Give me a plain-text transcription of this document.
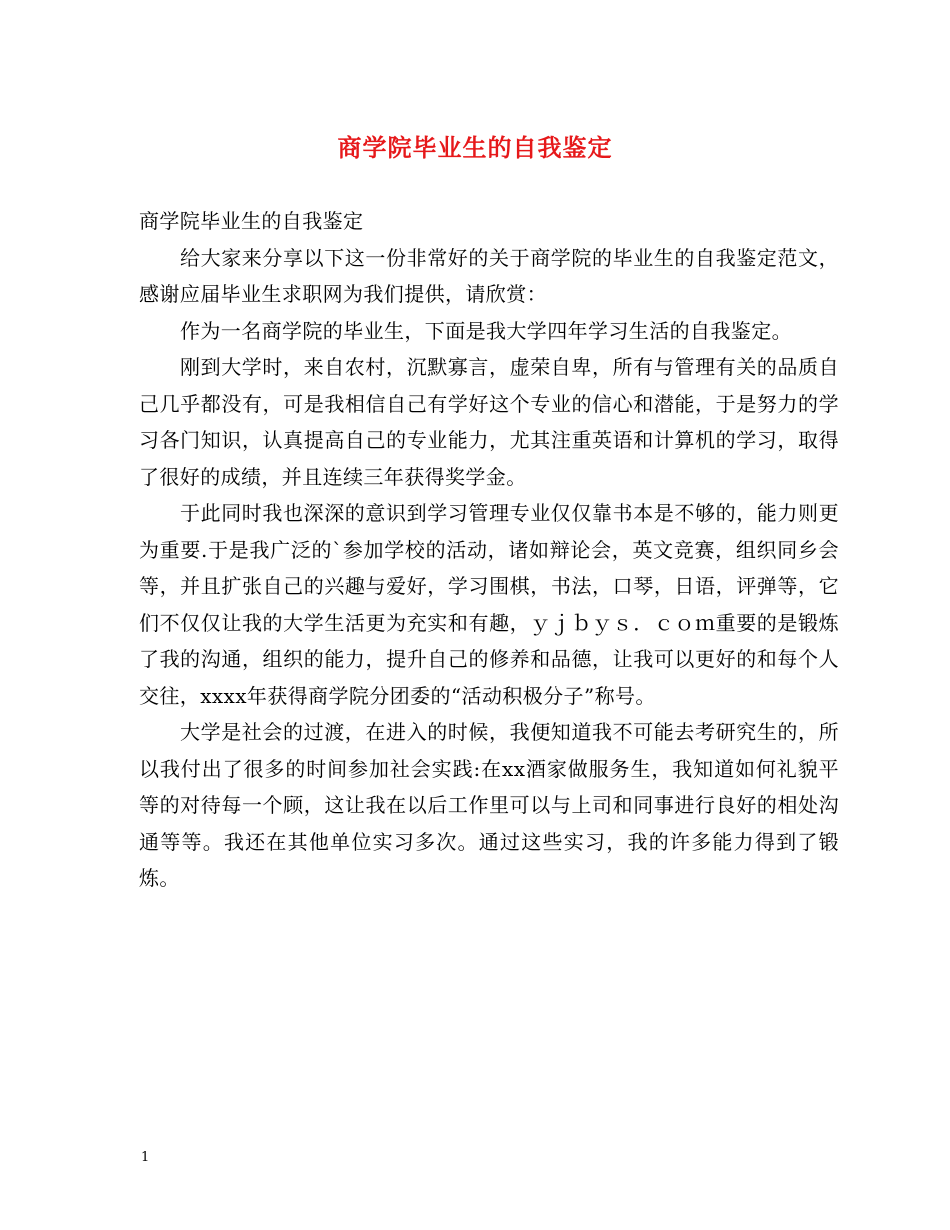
商学院毕业生的自我鉴定

商学院毕业生的自我鉴定

给大家来分享以下这一份非常好的关于商学院的毕业生的自我鉴定范文，感谢应届毕业生求职网为我们提供，请欣赏：

作为一名商学院的毕业生，下面是我大学四年学习生活的自我鉴定。

刚到大学时，来自农村，沉默寡言，虚荣自卑，所有与管理有关的品质自己几乎都没有，可是我相信自己有学好这个专业的信心和潜能，于是努力的学习各门知识，认真提高自己的专业能力，尤其注重英语和计算机的学习，取得了很好的成绩，并且连续三年获得奖学金。

于此同时我也深深的意识到学习管理专业仅仅靠书本是不够的，能力则更为重要.于是我广泛的`参加学校的活动，诸如辩论会，英文竞赛，组织同乡会等，并且扩张自己的兴趣与爱好，学习围棋，书法，口琴，日语，评弹等，它们不仅仅让我的大学生活更为充实和有趣，ｙｊｂｙｓ．ｃｏｍ重要的是锻炼了我的沟通，组织的能力，提升自己的修养和品德，让我可以更好的和每个人交往，xxxx年获得商学院分团委的“活动积极分子”称号。

大学是社会的过渡，在进入的时候，我便知道我不可能去考研究生的，所以我付出了很多的时间参加社会实践:在xx酒家做服务生，我知道如何礼貌平等的对待每一个顾，这让我在以后工作里可以与上司和同事进行良好的相处沟通等等。我还在其他单位实习多次。通过这些实习，我的许多能力得到了锻炼。

1
